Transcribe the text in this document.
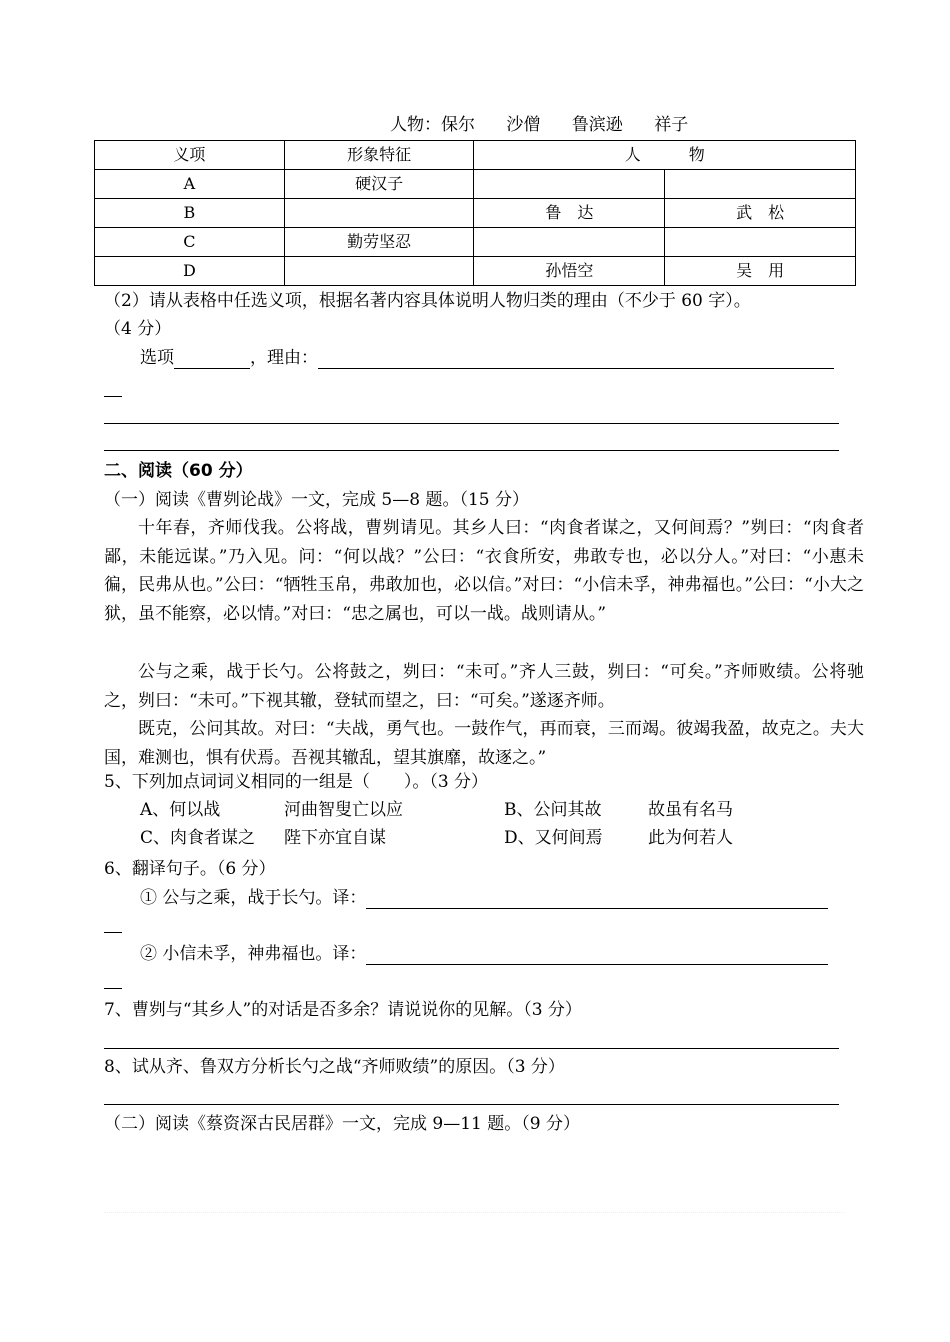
人物：保尔 沙僧 鲁滨逊 祥子
义项	形象特征	人　　　物	
A	硬汉子		
B		鲁　达	武　松
C	勤劳坚忍		
D		孙悟空	吴　用
（2）请从表格中任选义项，根据名著内容具体说明人物归类的理由（不少于 60 字）。
（4 分）
选项	，理由：
二、阅读（60 分）
（一）阅读《曹刿论战》一文，完成 5—8 题。（15 分）
十年春，齐师伐我。公将战，曹刿请见。其乡人曰：“肉食者谋之，又何间焉？”刿曰：“肉食者鄙，未能远谋。”乃入见。问：“何以战？”公曰：“衣食所安，弗敢专也，必以分人。”对曰：“小惠未徧，民弗从也。”公曰：“牺牲玉帛，弗敢加也，必以信。”对曰：“小信未孚，神弗福也。”公曰：“小大之狱，虽不能察，必以情。”对曰：“忠之属也，可以一战。战则请从。”
公与之乘，战于长勺。公将鼓之，刿曰：“未可。”齐人三鼓，刿曰：“可矣。”齐师败绩。公将驰之，刿曰：“未可。”下视其辙，登轼而望之，曰：“可矣。”遂逐齐师。
既克，公问其故。对曰：“夫战，勇气也。一鼓作气，再而衰，三而竭。彼竭我盈，故克之。夫大国，难测也，惧有伏焉。吾视其辙乱，望其旗靡，故逐之。”
5、下列加点词词义相同的一组是（　　）。（3 分）
A、何以战	河曲智叟亡以应	B、公问其故	故虽有名马
C、肉食者谋之 陛下亦宜自谋	D、又何间焉	此为何若人
6、翻译句子。（6 分）
① 公与之乘，战于长勺。译：
② 小信未孚，神弗福也。译：
7、曹刿与“其乡人”的对话是否多余？请说说你的见解。（3 分）
8、试从齐、鲁双方分析长勺之战“齐师败绩”的原因。（3 分）
（二）阅读《蔡资深古民居群》一文，完成 9—11 题。（9 分）
